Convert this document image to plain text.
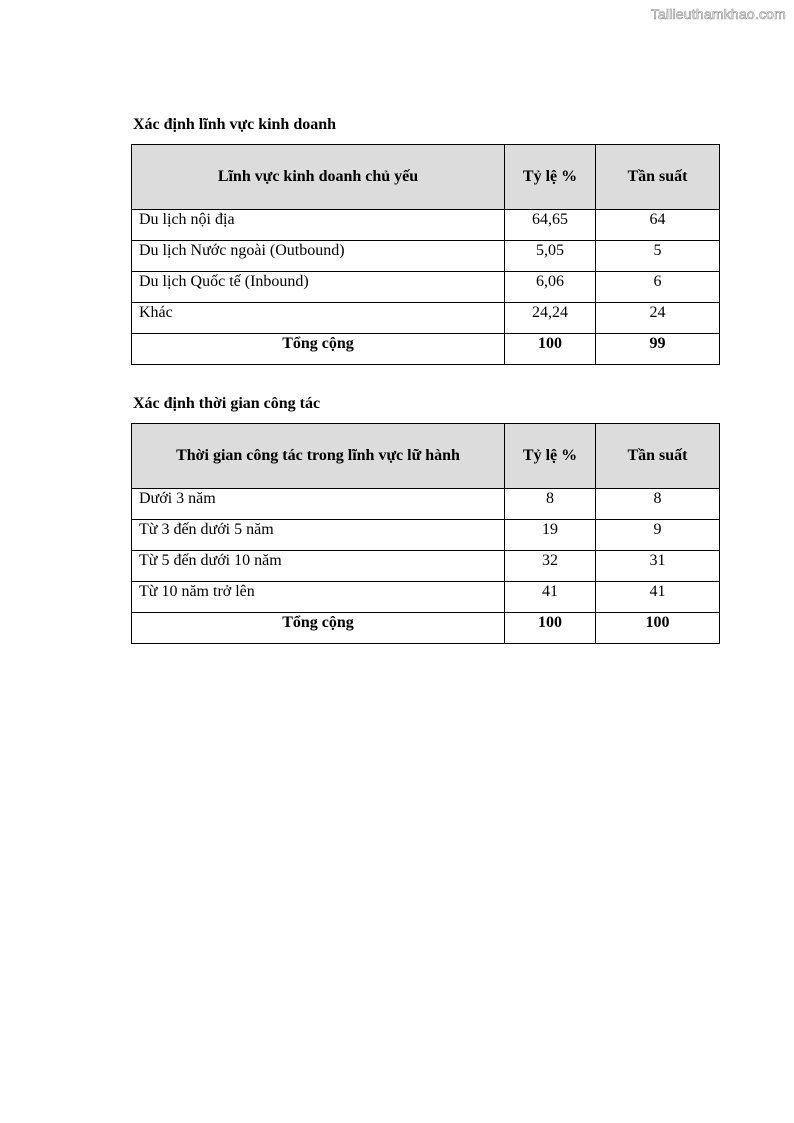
Tailieuthamkhao.com
Xác định lĩnh vực kinh doanh
Lĩnh vực kinh doanh chủ yếu	Tỷ lệ %	Tần suất
Du lịch nội địa	64,65	64
Du lịch Nước ngoài (Outbound)	5,05	5
Du lịch Quốc tế (Inbound)	6,06	6
Khác	24,24	24
Tổng cộng	100	99
Xác định thời gian công tác
Thời gian công tác trong lĩnh vực lữ hành	Tỷ lệ %	Tần suất
Dưới 3 năm	8	8
Từ 3 đến dưới 5 năm	19	9
Từ 5 đến dưới 10 năm	32	31
Từ 10 năm trở lên	41	41
Tổng cộng	100	100
